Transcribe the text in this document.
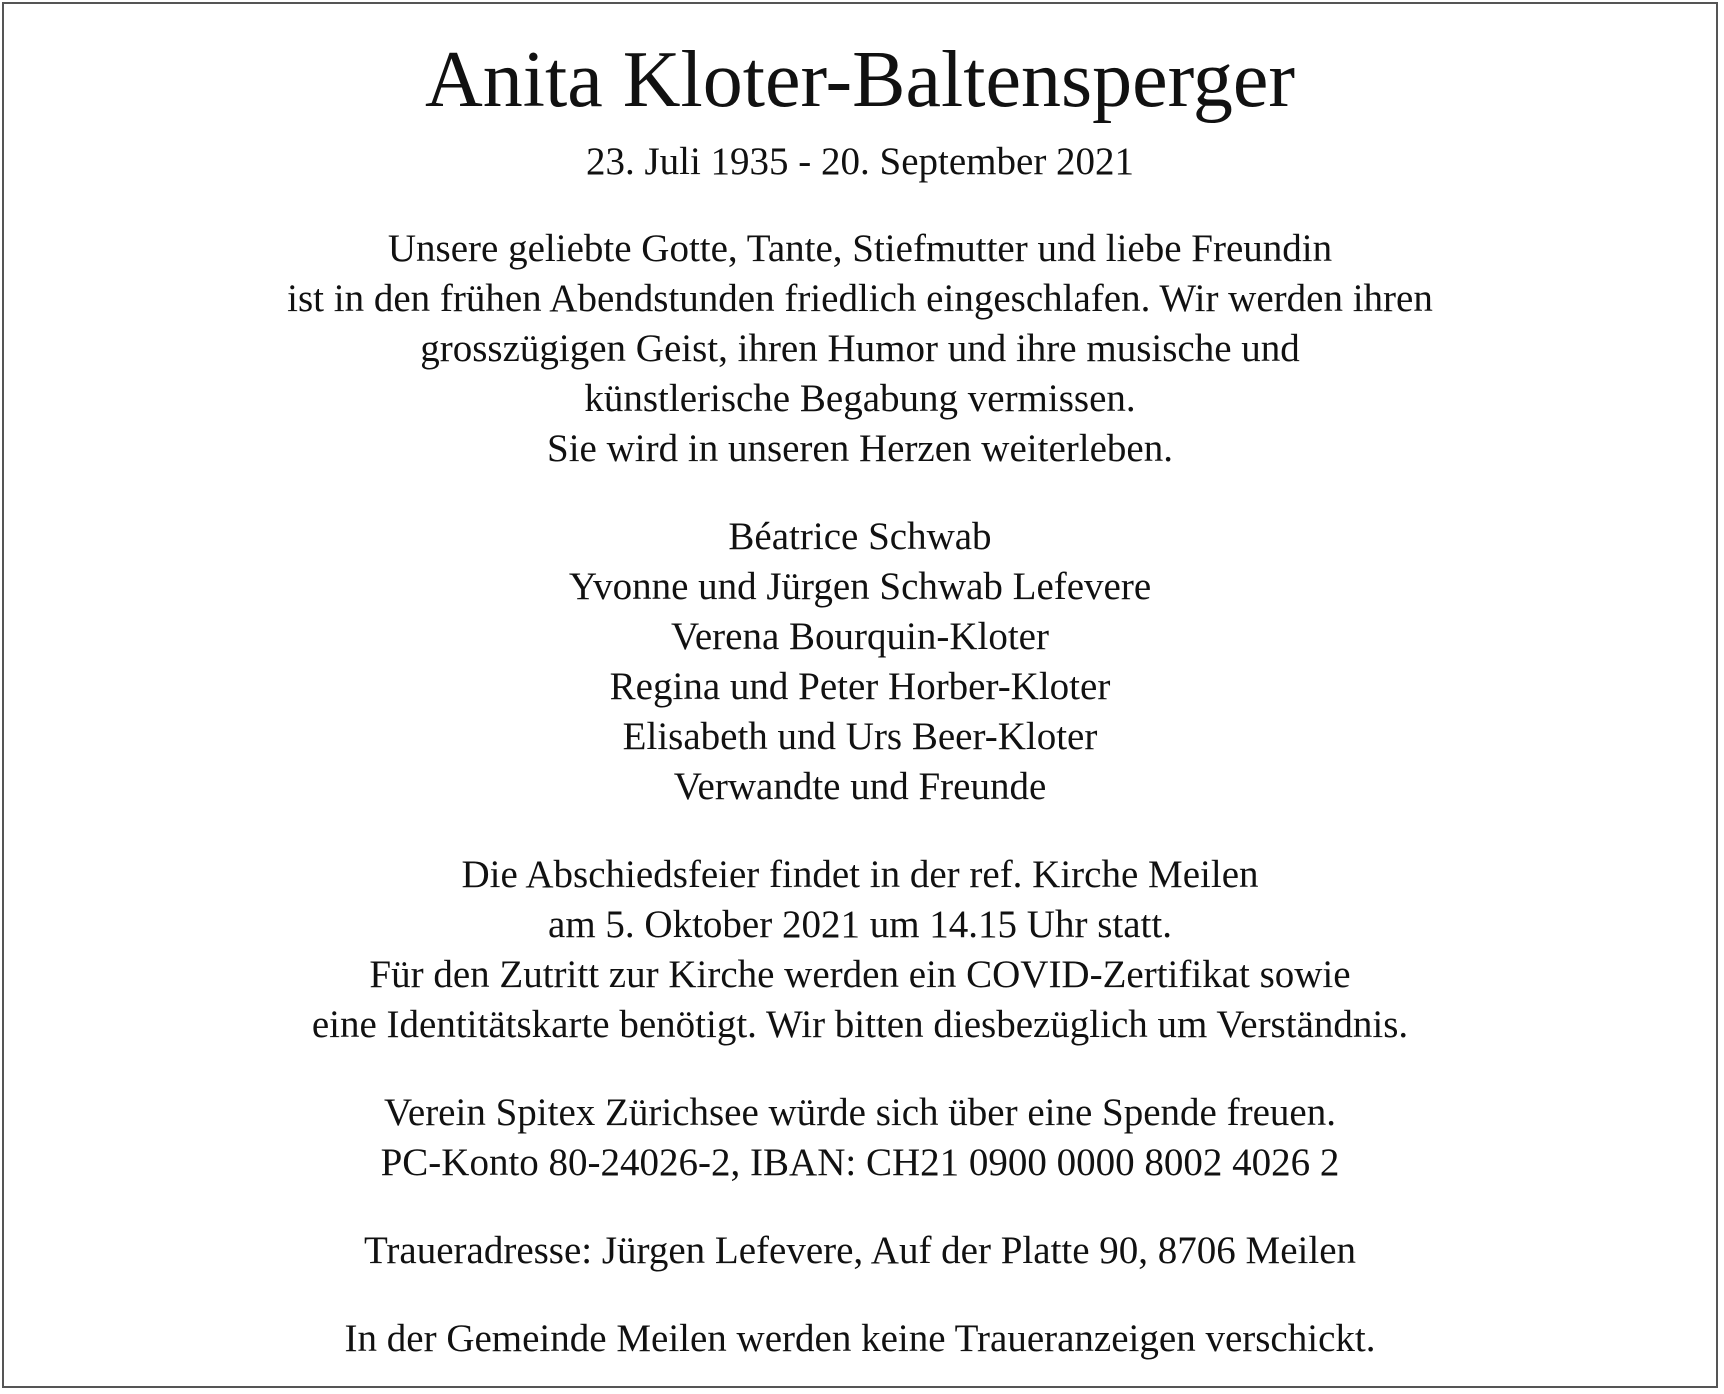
Anita Kloter-Baltensperger
23. Juli 1935 - 20. September 2021
Unsere geliebte Gotte, Tante, Stiefmutter und liebe Freundin
ist in den frühen Abendstunden friedlich eingeschlafen. Wir werden ihren
grosszügigen Geist, ihren Humor und ihre musische und
künstlerische Begabung vermissen.
Sie wird in unseren Herzen weiterleben.
Béatrice Schwab
Yvonne und Jürgen Schwab Lefevere
Verena Bourquin-Kloter
Regina und Peter Horber-Kloter
Elisabeth und Urs Beer-Kloter
Verwandte und Freunde
Die Abschiedsfeier findet in der ref. Kirche Meilen
am 5. Oktober 2021 um 14.15 Uhr statt.
Für den Zutritt zur Kirche werden ein COVID-Zertifikat sowie
eine Identitätskarte benötigt. Wir bitten diesbezüglich um Verständnis.
Verein Spitex Zürichsee würde sich über eine Spende freuen.
PC-Konto 80-24026-2, IBAN: CH21 0900 0000 8002 4026 2
Traueradresse: Jürgen Lefevere, Auf der Platte 90, 8706 Meilen
In der Gemeinde Meilen werden keine Traueranzeigen verschickt.
